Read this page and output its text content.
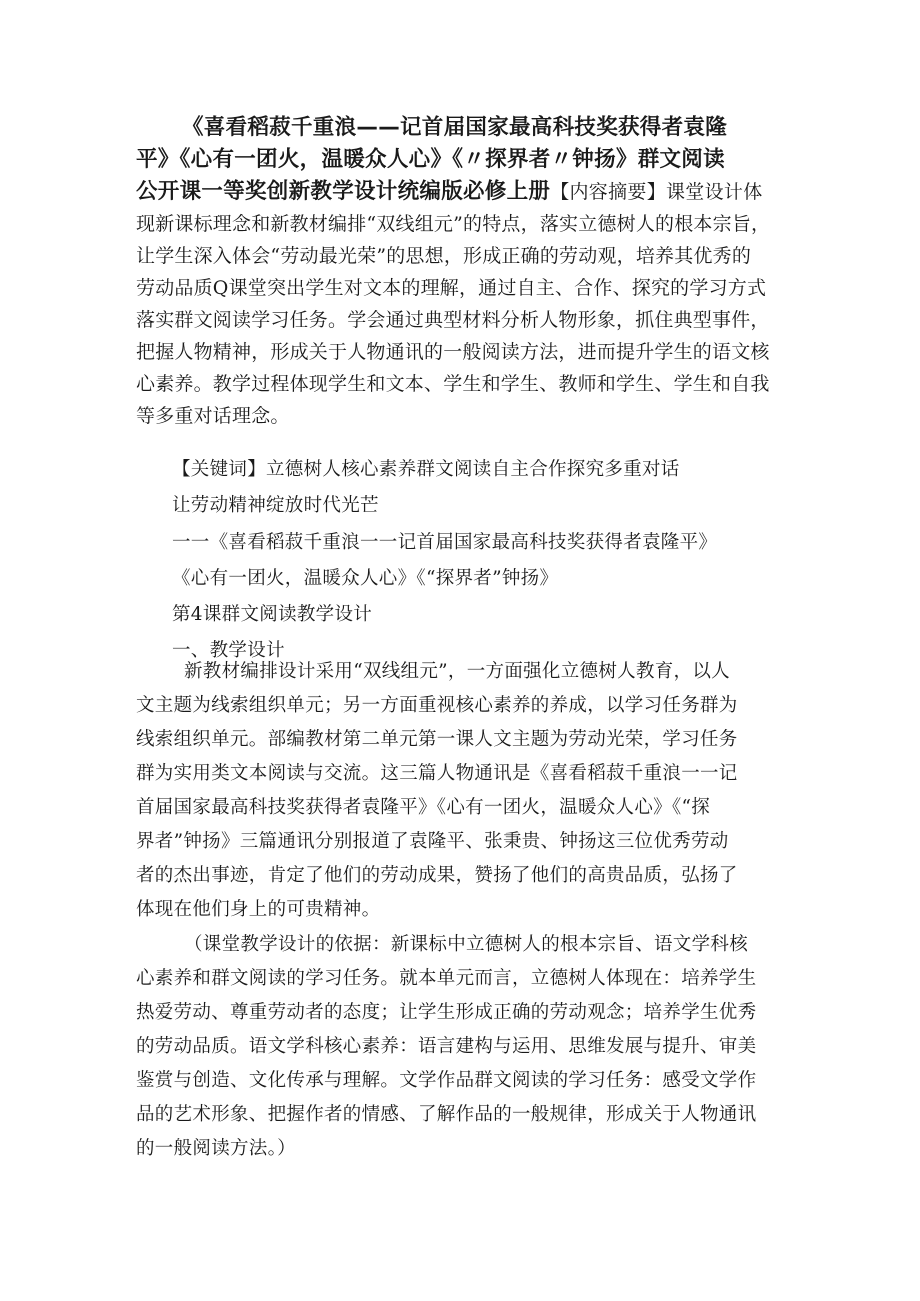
《喜看稻菽千重浪——记首届国家最高科技奖获得者袁隆
平》《心有一团火，温暖众人心》《〃探界者〃钟扬》群文阅读
公开课一等奖创新教学设计统编版必修上册【内容摘要】课堂设计体
现新课标理念和新教材编排“双线组元”的特点，落实立德树人的根本宗旨，
让学生深入体会“劳动最光荣”的思想，形成正确的劳动观，培养其优秀的
劳动品质Q课堂突出学生对文本的理解，通过自主、合作、探究的学习方式
落实群文阅读学习任务。学会通过典型材料分析人物形象，抓住典型事件，
把握人物精神，形成关于人物通讯的一般阅读方法，进而提升学生的语文核
心素养。教学过程体现学生和文本、学生和学生、教师和学生、学生和自我
等多重对话理念。
【关键词】立德树人核心素养群文阅读自主合作探究多重对话
让劳动精神绽放时代光芒
一一《喜看稻菽千重浪一一记首届国家最高科技奖获得者袁隆平》
《心有一团火，温暖众人心》《“探界者”钟扬》
第4课群文阅读教学设计
一、教学设计
新教材编排设计采用“双线组元”，一方面强化立德树人教育，以人
文主题为线索组织单元；另一方面重视核心素养的养成，以学习任务群为
线索组织单元。部编教材第二单元第一课人文主题为劳动光荣，学习任务
群为实用类文本阅读与交流。这三篇人物通讯是《喜看稻菽千重浪一一记
首届国家最高科技奖获得者袁隆平》《心有一团火，温暖众人心》《“探
界者”钟扬》三篇通讯分别报道了袁隆平、张秉贵、钟扬这三位优秀劳动
者的杰出事迹，肯定了他们的劳动成果，赞扬了他们的高贵品质，弘扬了
体现在他们身上的可贵精神。
（课堂教学设计的依据：新课标中立德树人的根本宗旨、语文学科核
心素养和群文阅读的学习任务。就本单元而言，立德树人体现在：培养学生
热爱劳动、尊重劳动者的态度；让学生形成正确的劳动观念；培养学生优秀
的劳动品质。语文学科核心素养：语言建构与运用、思维发展与提升、审美
鉴赏与创造、文化传承与理解。文学作品群文阅读的学习任务：感受文学作
品的艺术形象、把握作者的情感、了解作品的一般规律，形成关于人物通讯
的一般阅读方法。）
